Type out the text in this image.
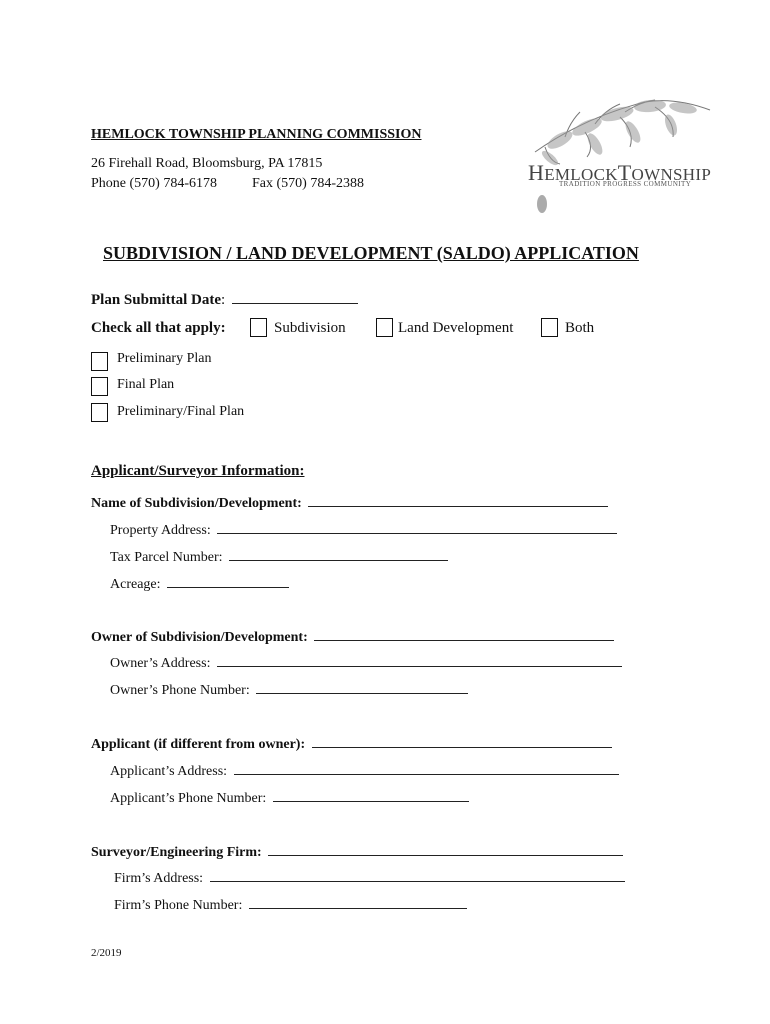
HEMLOCK TOWNSHIP PLANNING COMMISSION
26 Firehall Road, Bloomsburg, PA 17815
Phone (570) 784-6178	Fax (570) 784-2388	HEMLOCKTOWNSHIP
TRADITION PROGRESS COMMUNITY
SUBDIVISION / LAND DEVELOPMENT (SALDO) APPLICATION
Plan Submittal Date:
Check all that apply:	Subdivision	Land Development	Both
Preliminary Plan
Final Plan
Preliminary/Final Plan
Applicant/Surveyor Information:
Name of Subdivision/Development:
Property Address:
Tax Parcel Number:
Acreage:
Owner of Subdivision/Development:
Owner’s Address:
Owner’s Phone Number:
Applicant (if different from owner):
Applicant’s Address:
Applicant’s Phone Number:
Surveyor/Engineering Firm:
Firm’s Address:
Firm’s Phone Number:
2/2019
